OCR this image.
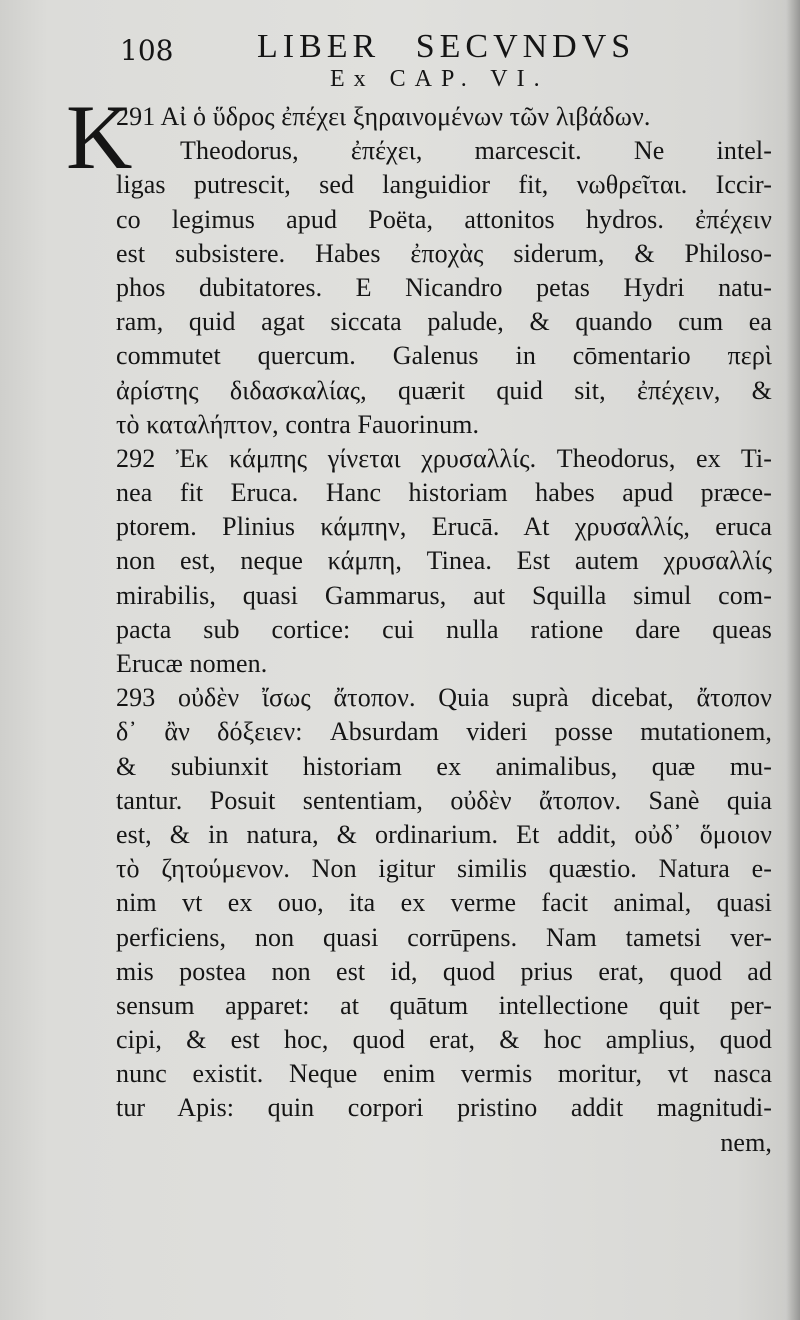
108 LIBER SECVNDVS
Ex CAP. VI.
K
291 Αἰ ὁ ὕδρος ἐπέχει ξηραινομένων τῶν λιβάδων.
Theodorus, ἐπέχει, marcescit. Ne intel-
ligas putrescit, sed languidior fit, νωθρεῖται. Iccir-
co legimus apud Poëta, attonitos hydros. ἐπέχειν
est subsistere. Habes ἐποχὰς siderum, & Philoso-
phos dubitatores. E Nicandro petas Hydri natu-
ram, quid agat siccata palude, & quando cum ea
commutet quercum. Galenus in cōmentario περὶ
ἀρίστης διδασκαλίας, quærit quid sit, ἐπέχειν, &
τὸ καταλήπτον, contra Fauorinum.
292 Ἐκ κάμπης γίνεται χρυσαλλίς. Theodorus, ex Ti-
nea fit Eruca. Hanc historiam habes apud præce-
ptorem. Plinius κάμπην, Erucā. At χρυσαλλίς, eruca
non est, neque κάμπη, Tinea. Est autem χρυσαλλίς
mirabilis, quasi Gammarus, aut Squilla simul com-
pacta sub cortice: cui nulla ratione dare queas
Erucæ nomen.
293 οὐδὲν ἴσως ἄτοπον. Quia suprà dicebat, ἄτοπον
δ᾽ ἂν δόξειεν: Absurdam videri posse mutationem,
& subiunxit historiam ex animalibus, quæ mu-
tantur. Posuit sententiam, οὐδὲν ἄτοπον. Sanè quia
est, & in natura, & ordinarium. Et addit, οὐδ᾽ ὅμοιον
τὸ ζητούμενον. Non igitur similis quæstio. Natura e-
nim vt ex ouo, ita ex verme facit animal, quasi
perficiens, non quasi corrūpens. Nam tametsi ver-
mis postea non est id, quod prius erat, quod ad
sensum apparet: at quātum intellectione quit per-
cipi, & est hoc, quod erat, & hoc amplius, quod
nunc existit. Neque enim vermis moritur, vt nasca
tur Apis: quin corpori pristino addit magnitudi-
nem,
